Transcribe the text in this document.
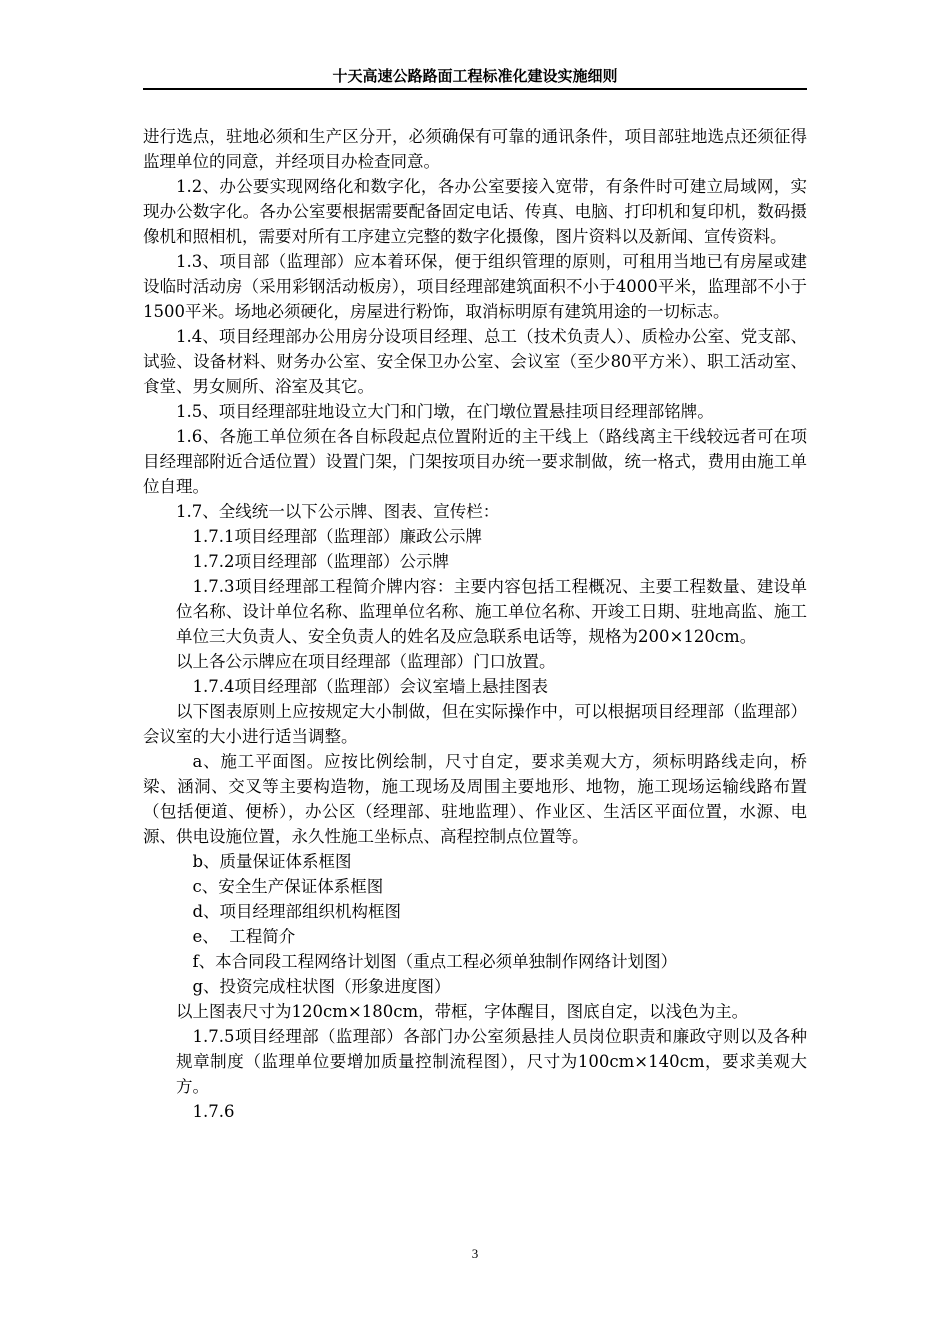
十天高速公路路面工程标准化建设实施细则

进行选点，驻地必须和生产区分开，必须确保有可靠的通讯条件，项目部驻地选点还须征得监理单位的同意，并经项目办检查同意。

1.2、办公要实现网络化和数字化，各办公室要接入宽带，有条件时可建立局域网，实现办公数字化。各办公室要根据需要配备固定电话、传真、电脑、打印机和复印机，数码摄像机和照相机，需要对所有工序建立完整的数字化摄像，图片资料以及新闻、宣传资料。

1.3、项目部（监理部）应本着环保，便于组织管理的原则，可租用当地已有房屋或建设临时活动房（采用彩钢活动板房），项目经理部建筑面积不小于4000平米，监理部不小于1500平米。场地必须硬化，房屋进行粉饰，取消标明原有建筑用途的一切标志。

1.4、项目经理部办公用房分设项目经理、总工（技术负责人）、质检办公室、党支部、试验、设备材料、财务办公室、安全保卫办公室、会议室（至少80平方米）、职工活动室、食堂、男女厕所、浴室及其它。

1.5、项目经理部驻地设立大门和门墩，在门墩位置悬挂项目经理部铭牌。

1.6、各施工单位须在各自标段起点位置附近的主干线上（路线离主干线较远者可在项目经理部附近合适位置）设置门架，门架按项目办统一要求制做，统一格式，费用由施工单位自理。

1.7、全线统一以下公示牌、图表、宣传栏：

1.7.1项目经理部（监理部）廉政公示牌

1.7.2项目经理部（监理部）公示牌

1.7.3项目经理部工程简介牌内容：主要内容包括工程概况、主要工程数量、建设单位名称、设计单位名称、监理单位名称、施工单位名称、开竣工日期、驻地高监、施工单位三大负责人、安全负责人的姓名及应急联系电话等，规格为200×120cm。

以上各公示牌应在项目经理部（监理部）门口放置。

1.7.4项目经理部（监理部）会议室墙上悬挂图表

以下图表原则上应按规定大小制做，但在实际操作中，可以根据项目经理部（监理部）会议室的大小进行适当调整。

a、施工平面图。应按比例绘制，尺寸自定，要求美观大方，须标明路线走向，桥梁、涵洞、交叉等主要构造物，施工现场及周围主要地形、地物，施工现场运输线路布置（包括便道、便桥），办公区（经理部、驻地监理）、作业区、生活区平面位置，水源、电源、供电设施位置，永久性施工坐标点、高程控制点位置等。

b、质量保证体系框图

c、安全生产保证体系框图

d、项目经理部组织机构框图

e、  工程简介

f、本合同段工程网络计划图（重点工程必须单独制作网络计划图）

g、投资完成柱状图（形象进度图）

以上图表尺寸为120cm×180cm，带框，字体醒目，图底自定，以浅色为主。

1.7.5项目经理部（监理部）各部门办公室须悬挂人员岗位职责和廉政守则以及各种规章制度（监理单位要增加质量控制流程图），尺寸为100cm×140cm，要求美观大方。

1.7.6

3
